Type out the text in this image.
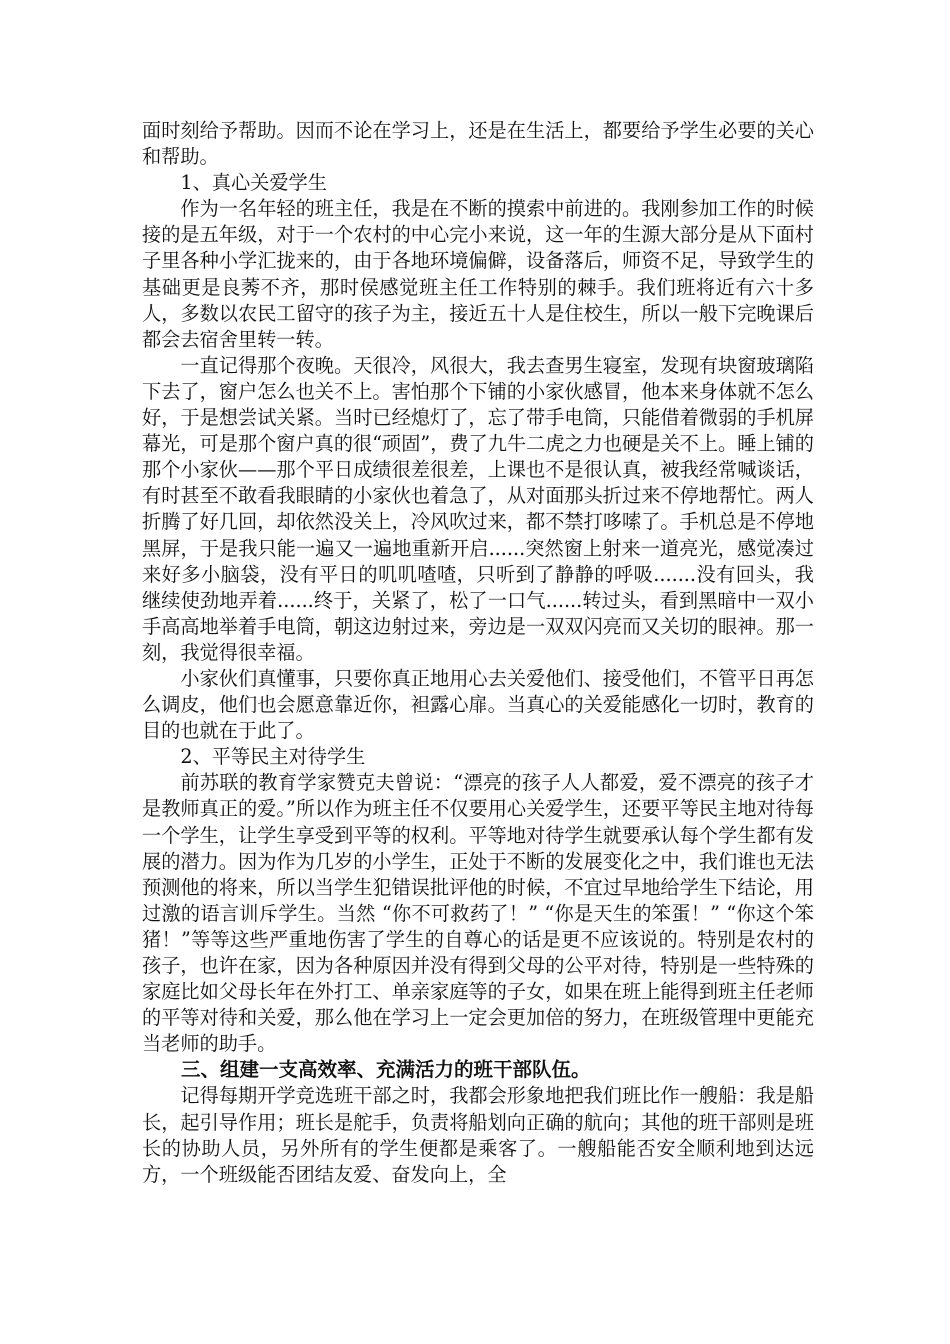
面时刻给予帮助。因而不论在学习上，还是在生活上，都要给予学生必要的关心和帮助。

1、真心关爱学生

作为一名年轻的班主任，我是在不断的摸索中前进的。我刚参加工作的时候接的是五年级，对于一个农村的中心完小来说，这一年的生源大部分是从下面村子里各种小学汇拢来的，由于各地环境偏僻，设备落后，师资不足，导致学生的基础更是良莠不齐，那时侯感觉班主任工作特别的棘手。我们班将近有六十多人，多数以农民工留守的孩子为主，接近五十人是住校生，所以一般下完晚课后都会去宿舍里转一转。

一直记得那个夜晚。天很冷，风很大，我去查男生寝室，发现有块窗玻璃陷下去了，窗户怎么也关不上。害怕那个下铺的小家伙感冒，他本来身体就不怎么好，于是想尝试关紧。当时已经熄灯了，忘了带手电筒，只能借着微弱的手机屏幕光，可是那个窗户真的很“顽固”，费了九牛二虎之力也硬是关不上。睡上铺的那个小家伙——那个平日成绩很差很差，上课也不是很认真，被我经常喊谈话，有时甚至不敢看我眼睛的小家伙也着急了，从对面那头折过来不停地帮忙。两人折腾了好几回，却依然没关上，冷风吹过来，都不禁打哆嗦了。手机总是不停地黑屏，于是我只能一遍又一遍地重新开启......突然窗上射来一道亮光，感觉凑过来好多小脑袋，没有平日的叽叽喳喳，只听到了静静的呼吸.......没有回头，我继续使劲地弄着......终于，关紧了，松了一口气......转过头，看到黑暗中一双小手高高地举着手电筒，朝这边射过来，旁边是一双双闪亮而又关切的眼神。那一刻，我觉得很幸福。

小家伙们真懂事，只要你真正地用心去关爱他们、接受他们，不管平日再怎么调皮，他们也会愿意靠近你，袒露心扉。当真心的关爱能感化一切时，教育的目的也就在于此了。

2、平等民主对待学生

前苏联的教育学家赞克夫曾说：“漂亮的孩子人人都爱，爱不漂亮的孩子才是教师真正的爱。”所以作为班主任不仅要用心关爱学生，还要平等民主地对待每一个学生，让学生享受到平等的权利。平等地对待学生就要承认每个学生都有发展的潜力。因为作为几岁的小学生，正处于不断的发展变化之中，我们谁也无法预测他的将来，所以当学生犯错误批评他的时候，不宜过早地给学生下结论，用过激的语言训斥学生。当然 “你不可救药了！” “你是天生的笨蛋！” “你这个笨猪！”等等这些严重地伤害了学生的自尊心的话是更不应该说的。特别是农村的孩子，也许在家，因为各种原因并没有得到父母的公平对待，特别是一些特殊的家庭比如父母长年在外打工、单亲家庭等的子女，如果在班上能得到班主任老师的平等对待和关爱，那么他在学习上一定会更加倍的努力，在班级管理中更能充当老师的助手。

三、组建一支高效率、充满活力的班干部队伍。

记得每期开学竞选班干部之时，我都会形象地把我们班比作一艘船：我是船长，起引导作用；班长是舵手，负责将船划向正确的航向；其他的班干部则是班长的协助人员，另外所有的学生便都是乘客了。一艘船能否安全顺利地到达远方，一个班级能否团结友爱、奋发向上，全
